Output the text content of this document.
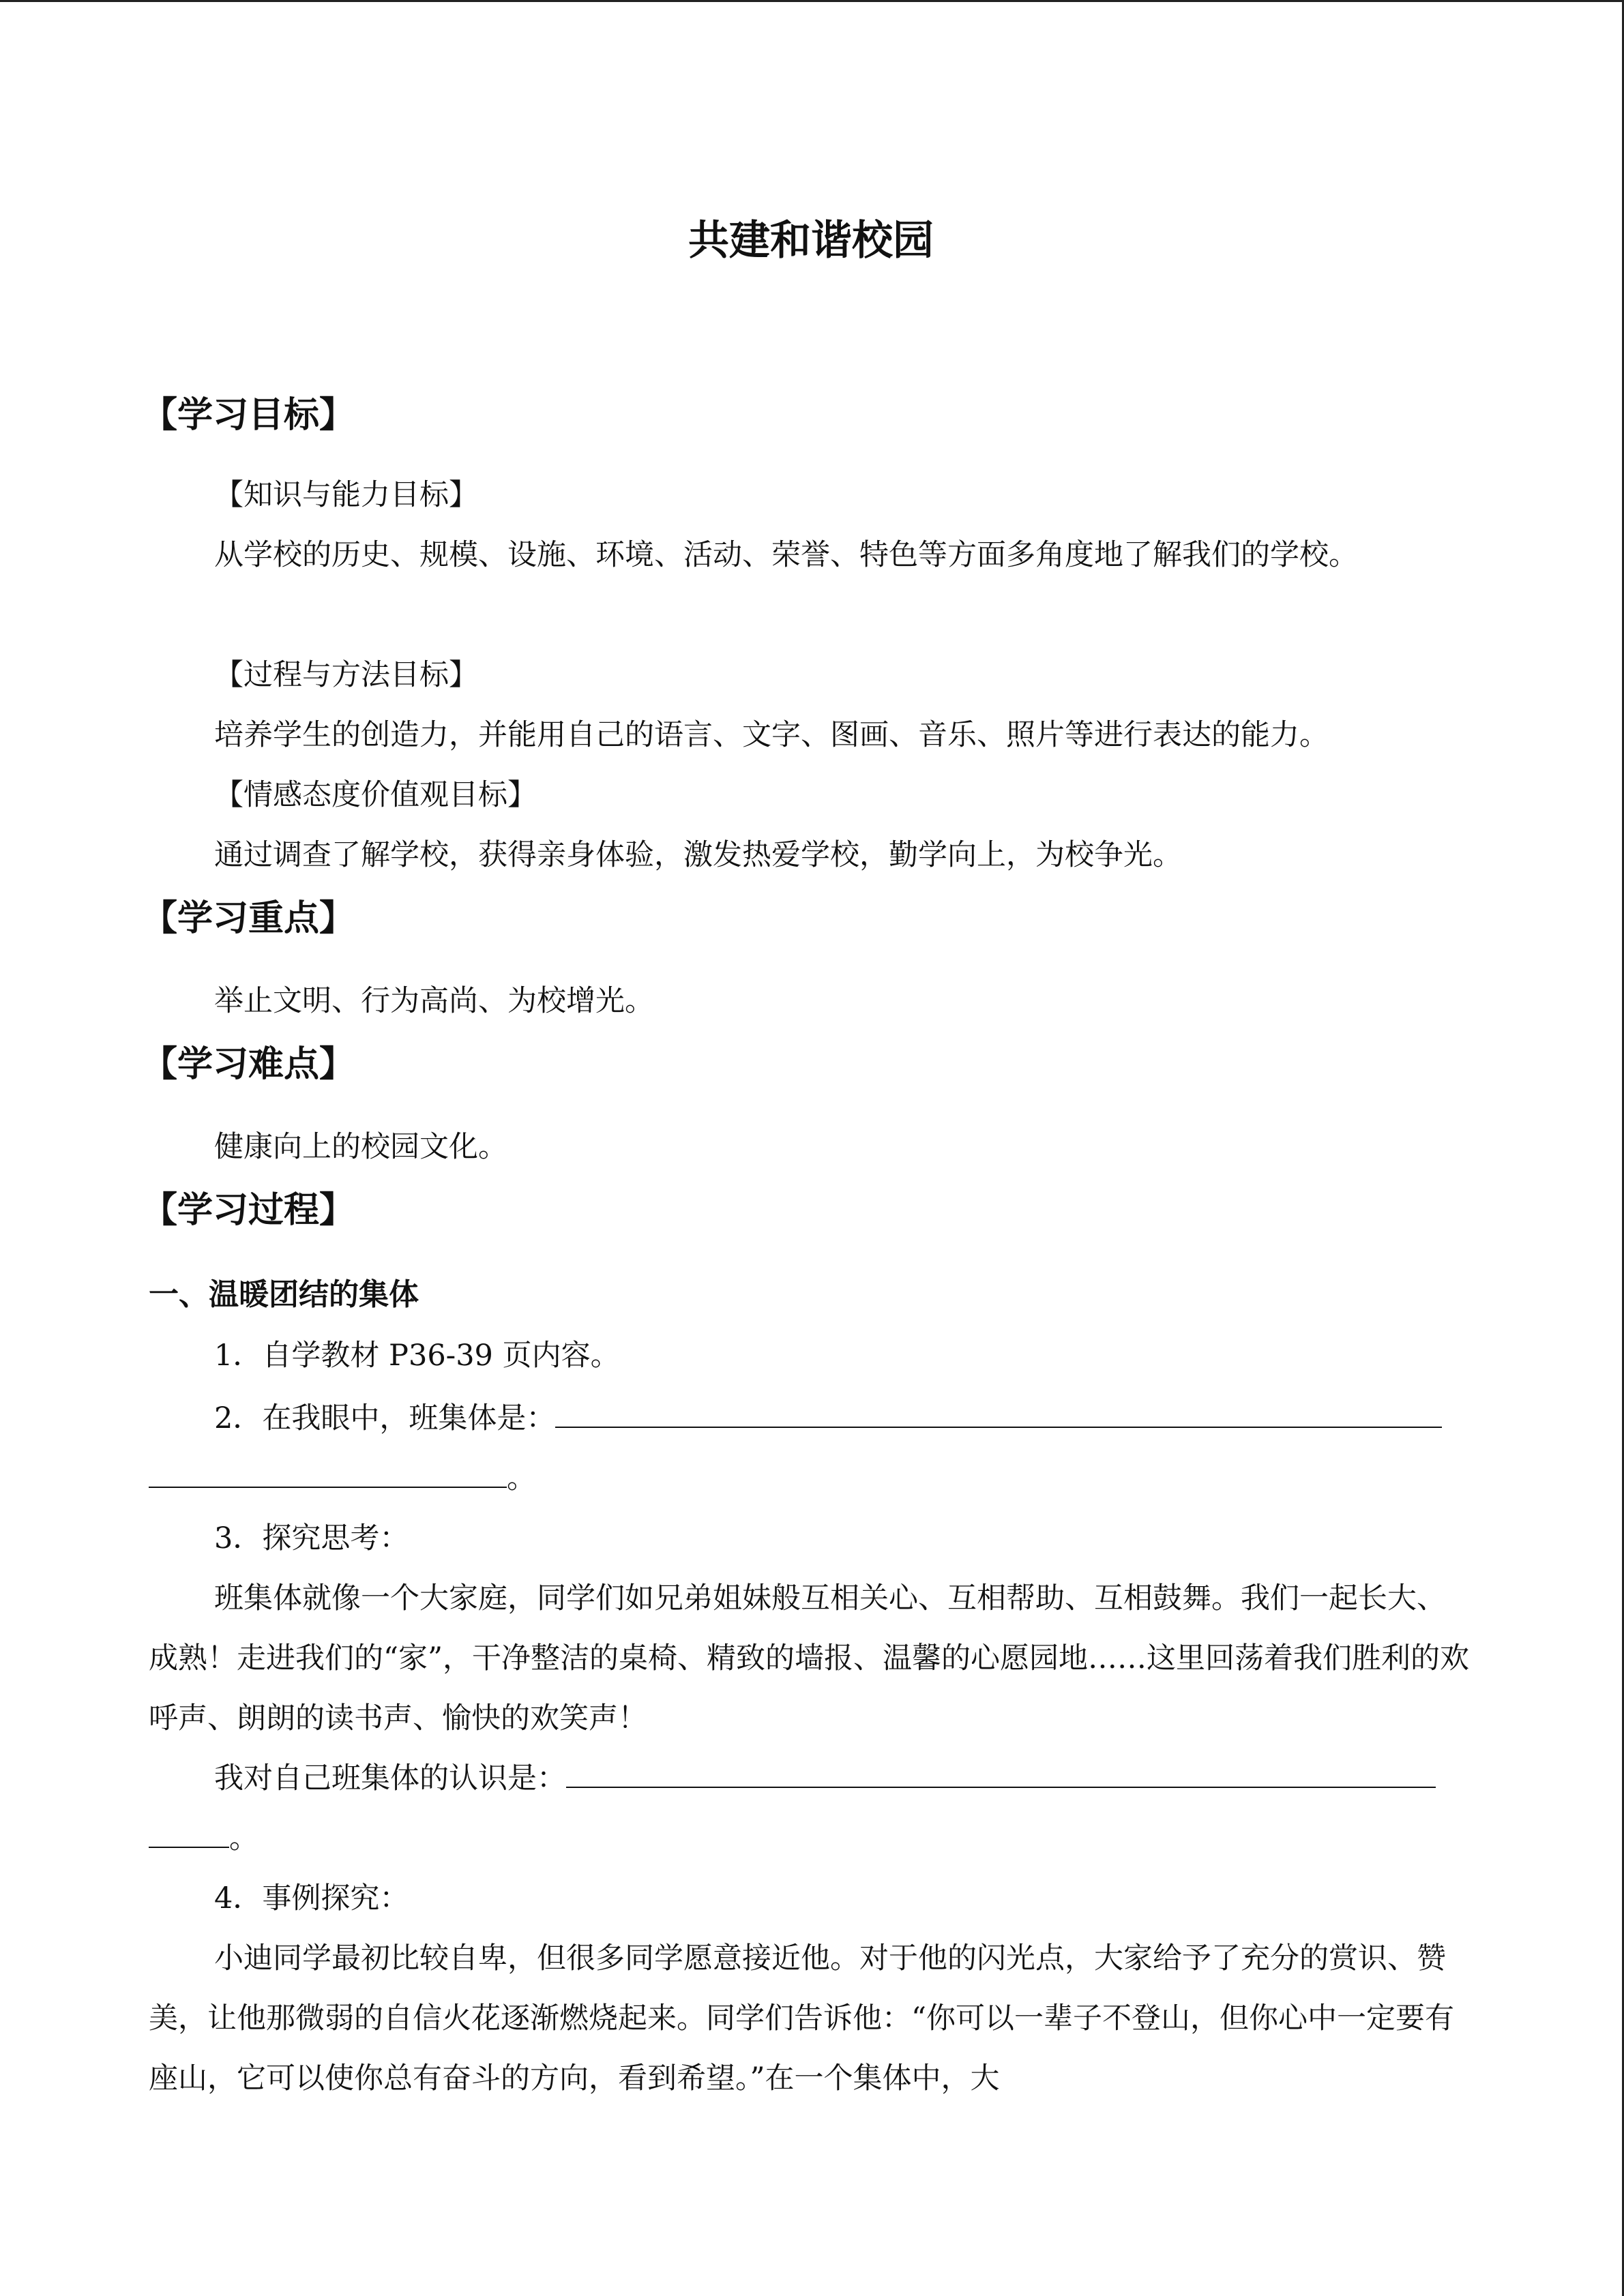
共建和谐校园
【学习目标】
【知识与能力目标】
从学校的历史、规模、设施、环境、活动、荣誉、特色等方面多角度地了解我们的学校。
【过程与方法目标】
培养学生的创造力，并能用自己的语言、文字、图画、音乐、照片等进行表达的能力。
【情感态度价值观目标】
通过调查了解学校，获得亲身体验，激发热爱学校，勤学向上，为校争光。
【学习重点】
举止文明、行为高尚、为校增光。
【学习难点】
健康向上的校园文化。
【学习过程】
一、温暖团结的集体
1．自学教材 P36-39 页内容。
2．在我眼中，班集体是：
。
3．探究思考：
班集体就像一个大家庭，同学们如兄弟姐妹般互相关心、互相帮助、互相鼓舞。我们一起长大、成熟！走进我们的“家”，干净整洁的桌椅、精致的墙报、温馨的心愿园地……这里回荡着我们胜利的欢呼声、朗朗的读书声、愉快的欢笑声！
我对自己班集体的认识是：
。
4．事例探究：
小迪同学最初比较自卑，但很多同学愿意接近他。对于他的闪光点，大家给予了充分的赏识、赞美，让他那微弱的自信火花逐渐燃烧起来。同学们告诉他：“你可以一辈子不登山，但你心中一定要有座山，它可以使你总有奋斗的方向，看到希望。”在一个集体中，大
